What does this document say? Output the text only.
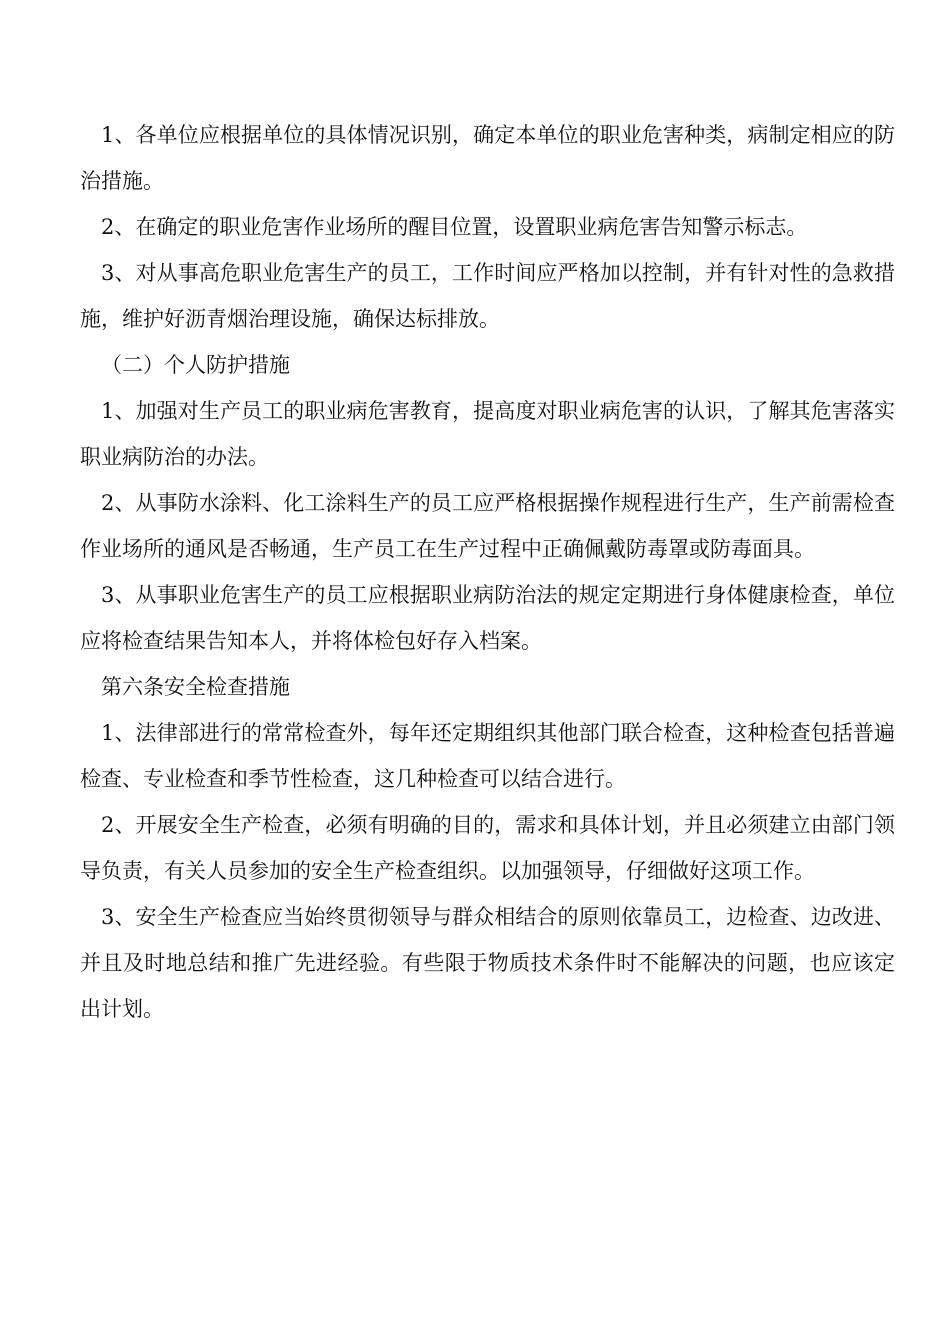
1、各单位应根据单位的具体情况识别，确定本单位的职业危害种类，病制定相应的防治措施。

2、在确定的职业危害作业场所的醒目位置，设置职业病危害告知警示标志。

3、对从事高危职业危害生产的员工，工作时间应严格加以控制，并有针对性的急救措施，维护好沥青烟治理设施，确保达标排放。

（二）个人防护措施

1、加强对生产员工的职业病危害教育，提高度对职业病危害的认识，了解其危害落实职业病防治的办法。

2、从事防水涂料、化工涂料生产的员工应严格根据操作规程进行生产，生产前需检查作业场所的通风是否畅通，生产员工在生产过程中正确佩戴防毒罩或防毒面具。

3、从事职业危害生产的员工应根据职业病防治法的规定定期进行身体健康检查，单位应将检查结果告知本人，并将体检包好存入档案。

第六条安全检查措施

1、法律部进行的常常检查外，每年还定期组织其他部门联合检查，这种检查包括普遍检查、专业检查和季节性检查，这几种检查可以结合进行。

2、开展安全生产检查，必须有明确的目的，需求和具体计划，并且必须建立由部门领导负责，有关人员参加的安全生产检查组织。以加强领导，仔细做好这项工作。

3、安全生产检查应当始终贯彻领导与群众相结合的原则依靠员工，边检查、边改进、并且及时地总结和推广先进经验。有些限于物质技术条件时不能解决的问题，也应该定出计划。
